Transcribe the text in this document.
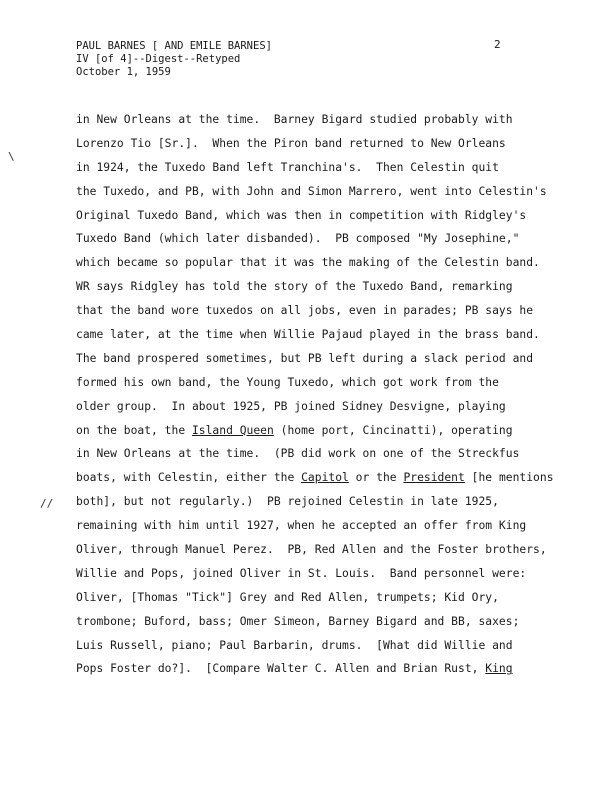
PAUL BARNES [ AND EMILE BARNES]
IV [of 4]--Digest--Retyped
October 1, 1959
2
\
//
in New Orleans at the time.  Barney Bigard studied probably with
Lorenzo Tio [Sr.].  When the Piron band returned to New Orleans
in 1924, the Tuxedo Band left Tranchina's.  Then Celestin quit
the Tuxedo, and PB, with John and Simon Marrero, went into Celestin's
Original Tuxedo Band, which was then in competition with Ridgley's
Tuxedo Band (which later disbanded).  PB composed "My Josephine,"
which became so popular that it was the making of the Celestin band.
WR says Ridgley has told the story of the Tuxedo Band, remarking
that the band wore tuxedos on all jobs, even in parades; PB says he
came later, at the time when Willie Pajaud played in the brass band.
The band prospered sometimes, but PB left during a slack period and
formed his own band, the Young Tuxedo, which got work from the
older group.  In about 1925, PB joined Sidney Desvigne, playing
on the boat, the Island Queen (home port, Cincinatti), operating
in New Orleans at the time.  (PB did work on one of the Streckfus
boats, with Celestin, either the Capitol or the President [he mentions
both], but not regularly.)  PB rejoined Celestin in late 1925,
remaining with him until 1927, when he accepted an offer from King
Oliver, through Manuel Perez.  PB, Red Allen and the Foster brothers,
Willie and Pops, joined Oliver in St. Louis.  Band personnel were:
Oliver, [Thomas "Tick"] Grey and Red Allen, trumpets; Kid Ory,
trombone; Buford, bass; Omer Simeon, Barney Bigard and BB, saxes;
Luis Russell, piano; Paul Barbarin, drums.  [What did Willie and
Pops Foster do?].  [Compare Walter C. Allen and Brian Rust, King
